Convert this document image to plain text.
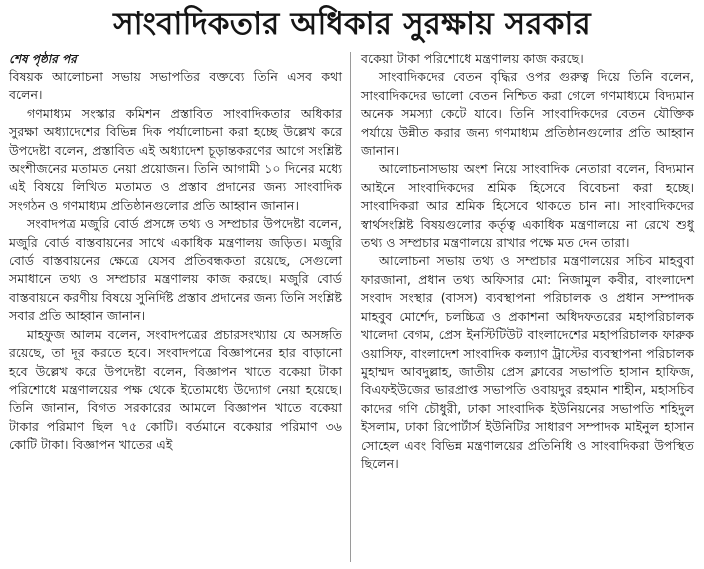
সাংবাদিকতার অধিকার সুরক্ষায় সরকার
শেষ পৃষ্ঠার পর

বিষয়ক আলোচনা সভায় সভাপতির বক্তব্যে তিনি এসব কথা বলেন।

গণমাধ্যম সংস্কার কমিশন প্রস্তাবিত সাংবাদিকতার অধিকার সুরক্ষা অধ্যাদেশের বিভিন্ন দিক পর্যালোচনা করা হচ্ছে উল্লেখ করে উপদেষ্টা বলেন, প্রস্তাবিত এই অধ্যাদেশ চূড়ান্তকরণের আগে সংশ্লিষ্ট অংশীজনের মতামত নেয়া প্রয়োজন। তিনি আগামী ১০ দিনের মধ্যে এই বিষয়ে লিখিত মতামত ও প্রস্তাব প্রদানের জন্য সাংবাদিক সংগঠন ও গণমাধ্যম প্রতিষ্ঠানগুলোর প্রতি আহ্বান জানান।

সংবাদপত্র মজুরি বোর্ড প্রসঙ্গে তথ্য ও সম্প্রচার উপদেষ্টা বলেন, মজুরি বোর্ড বাস্তবায়নের সাথে একাধিক মন্ত্রণালয় জড়িত। মজুরি বোর্ড বাস্তবায়নের ক্ষেত্রে যেসব প্রতিবন্ধকতা রয়েছে, সেগুলো সমাধানে তথ্য ও সম্প্রচার মন্ত্রণালয় কাজ করছে। মজুরি বোর্ড বাস্তবায়নে করণীয় বিষয়ে সুনির্দিষ্ট প্রস্তাব প্রদানের জন্য তিনি সংশ্লিষ্ট সবার প্রতি আহ্বান জানান।

মাহফুজ আলম বলেন, সংবাদপত্রের প্রচারসংখ্যায় যে অসঙ্গতি রয়েছে, তা দূর করতে হবে। সংবাদপত্রে বিজ্ঞাপনের হার বাড়ানো হবে উল্লেখ করে উপদেষ্টা বলেন, বিজ্ঞাপন খাতে বকেয়া টাকা পরিশোধে মন্ত্রণালয়ের পক্ষ থেকে ইতোমধ্যে উদ্যোগ নেয়া হয়েছে। তিনি জানান, বিগত সরকারের আমলে বিজ্ঞাপন খাতে বকেয়া টাকার পরিমাণ ছিল ৭৫ কোটি। বর্তমানে বকেয়ার পরিমাণ ৩৬ কোটি টাকা। বিজ্ঞাপন খাতের এই

বকেয়া টাকা পরিশোধে মন্ত্রণালয় কাজ করছে।

সাংবাদিকদের বেতন বৃদ্ধির ওপর গুরুত্ব দিয়ে তিনি বলেন, সাংবাদিকদের ভালো বেতন নিশ্চিত করা গেলে গণমাধ্যমে বিদ্যমান অনেক সমস্যা কেটে যাবে। তিনি সাংবাদিকদের বেতন যৌক্তিক পর্যায়ে উন্নীত করার জন্য গণমাধ্যম প্রতিষ্ঠানগুলোর প্রতি আহ্বান জানান।

আলোচনাসভায় অংশ নিয়ে সাংবাদিক নেতারা বলেন, বিদ্যমান আইনে সাংবাদিকদের শ্রমিক হিসেবে বিবেচনা করা হচ্ছে। সাংবাদিকরা আর শ্রমিক হিসেবে থাকতে চান না। সাংবাদিকদের স্বার্থসংশ্লিষ্ট বিষয়গুলোর কর্তৃত্ব একাধিক মন্ত্রণালয়ে না রেখে শুধু তথ্য ও সম্প্রচার মন্ত্রণালয়ে রাখার পক্ষে মত দেন তারা।

আলোচনা সভায় তথ্য ও সম্প্রচার মন্ত্রণালয়ের সচিব মাহবুবা ফারজানা, প্রধান তথ্য অফিসার মো: নিজামুল কবীর, বাংলাদেশ সংবাদ সংস্থার (বাসস) ব্যবস্থাপনা পরিচালক ও প্রধান সম্পাদক মাহবুব মোর্শেদ, চলচ্চিত্র ও প্রকাশনা অধিদফতরের মহাপরিচালক খালেদা বেগম, প্রেস ইনস্টিটিউট বাংলাদেশের মহাপরিচালক ফারুক ওয়াসিফ, বাংলাদেশ সাংবাদিক কল্যাণ ট্রাস্টের ব্যবস্থাপনা পরিচালক মুহাম্মদ আবদুল্লাহ, জাতীয় প্রেস ক্লাবের সভাপতি হাসান হাফিজ, বিএফইউজের ভারপ্রাপ্ত সভাপতি ওবায়দুর রহমান শাহীন, মহাসচিব কাদের গণি চৌধুরী, ঢাকা সাংবাদিক ইউনিয়নের সভাপতি শহিদুল ইসলাম, ঢাকা রিপোর্টার্স ইউনিটির সাধারণ সম্পাদক মাইনুল হাসান সোহেল এবং বিভিন্ন মন্ত্রণালয়ের প্রতিনিধি ও সাংবাদিকরা উপস্থিত ছিলেন।
